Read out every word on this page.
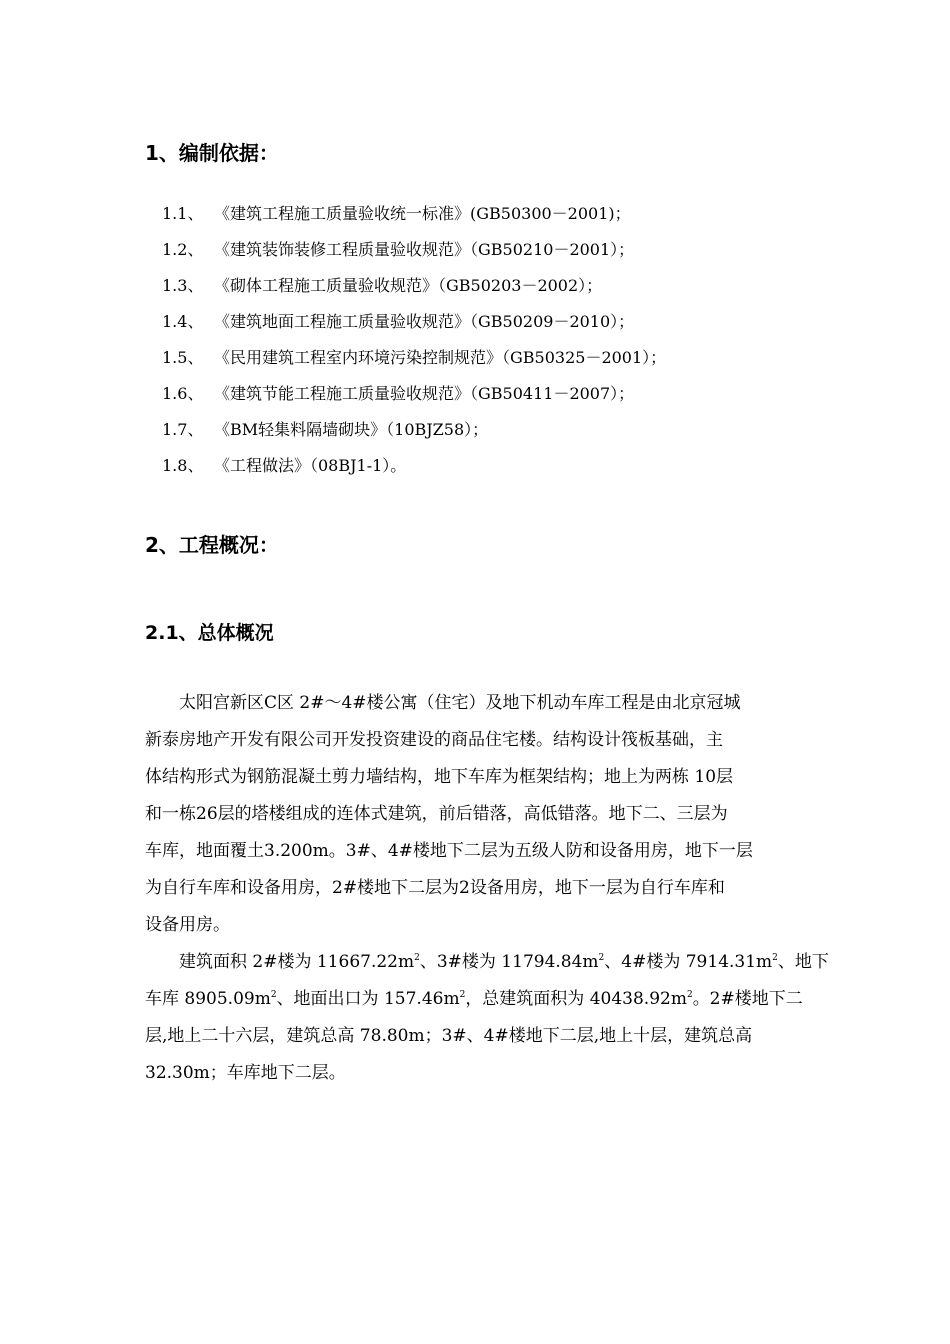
1、编制依据：
1.1、 《建筑工程施工质量验收统一标准》(GB50300－2001)；
1.2、 《建筑装饰装修工程质量验收规范》（GB50210－2001）；
1.3、 《砌体工程施工质量验收规范》（GB50203－2002）；
1.4、 《建筑地面工程施工质量验收规范》（GB50209－2010）；
1.5、 《民用建筑工程室内环境污染控制规范》（GB50325－2001）；
1.6、 《建筑节能工程施工质量验收规范》（GB50411－2007）；
1.7、 《BM轻集料隔墙砌块》（10BJZ58）；
1.8、 《工程做法》（08BJ1-1）。
2、工程概况：
2.1、总体概况
太阳宫新区C区 2#～4#楼公寓（住宅）及地下机动车库工程是由北京冠城
新泰房地产开发有限公司开发投资建设的商品住宅楼。结构设计筏板基础，主
体结构形式为钢筋混凝土剪力墙结构，地下车库为框架结构；地上为两栋 10层
和一栋26层的塔楼组成的连体式建筑，前后错落，高低错落。地下二、三层为
车库，地面覆土3.200m。3#、4#楼地下二层为五级人防和设备用房，地下一层
为自行车库和设备用房，2#楼地下二层为2设备用房，地下一层为自行车库和
设备用房。
建筑面积 2#楼为 $11667.22m^2$、3#楼为 $11794.84m^2$、4#楼为 $7914.31m^2$、地下
车库 $8905.09m^2$、地面出口为 $157.46m^2$，总建筑面积为 $40438.92m^2$。2#楼地下二
层,地上二十六层，建筑总高 78.80m；3#、4#楼地下二层,地上十层，建筑总高
32.30m；车库地下二层。
